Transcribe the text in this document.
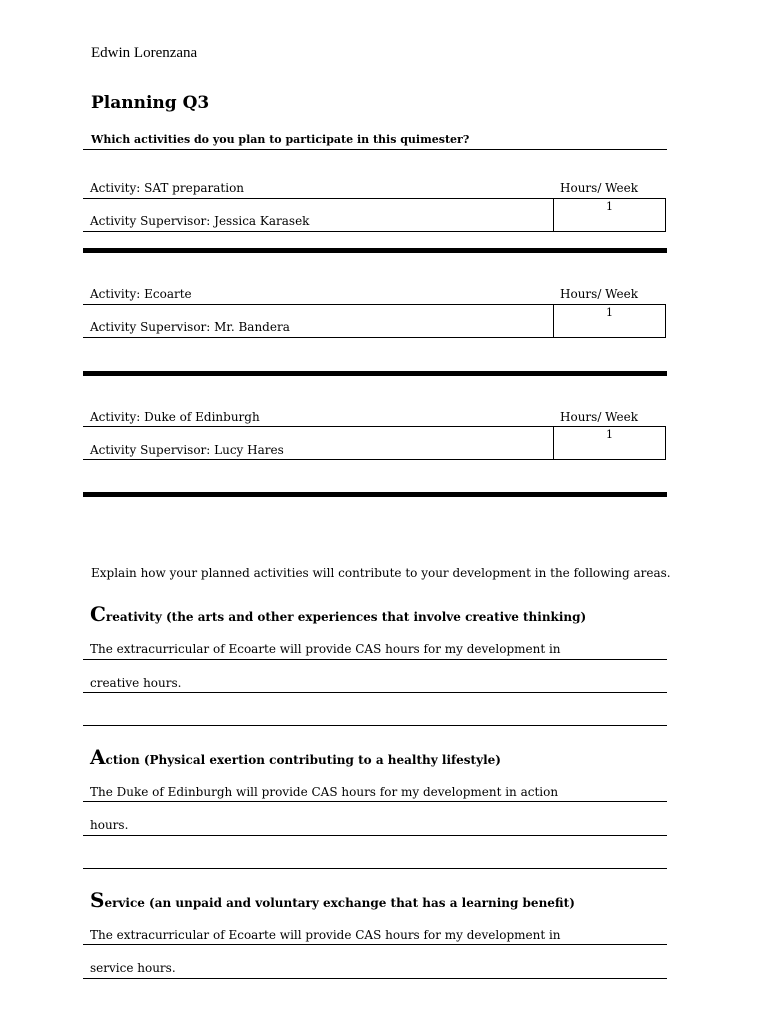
Edwin Lorenzana
Planning Q3
Which activities do you plan to participate in this quimester?
Activity: SAT preparation	Hours/ Week
1
Activity Supervisor: Jessica Karasek
Activity: Ecoarte	Hours/ Week
1
Activity Supervisor: Mr. Bandera
Activity: Duke of Edinburgh	Hours/ Week
1
Activity Supervisor: Lucy Hares
Explain how your planned activities will contribute to your development in the following areas.
Creativity (the arts and other experiences that involve creative thinking)
The extracurricular of Ecoarte will provide CAS hours for my development in
creative hours.
Action (Physical exertion contributing to a healthy lifestyle)
The Duke of Edinburgh will provide CAS hours for my development in action
hours.
Service (an unpaid and voluntary exchange that has a learning benefit)
The extracurricular of Ecoarte will provide CAS hours for my development in
service hours.
